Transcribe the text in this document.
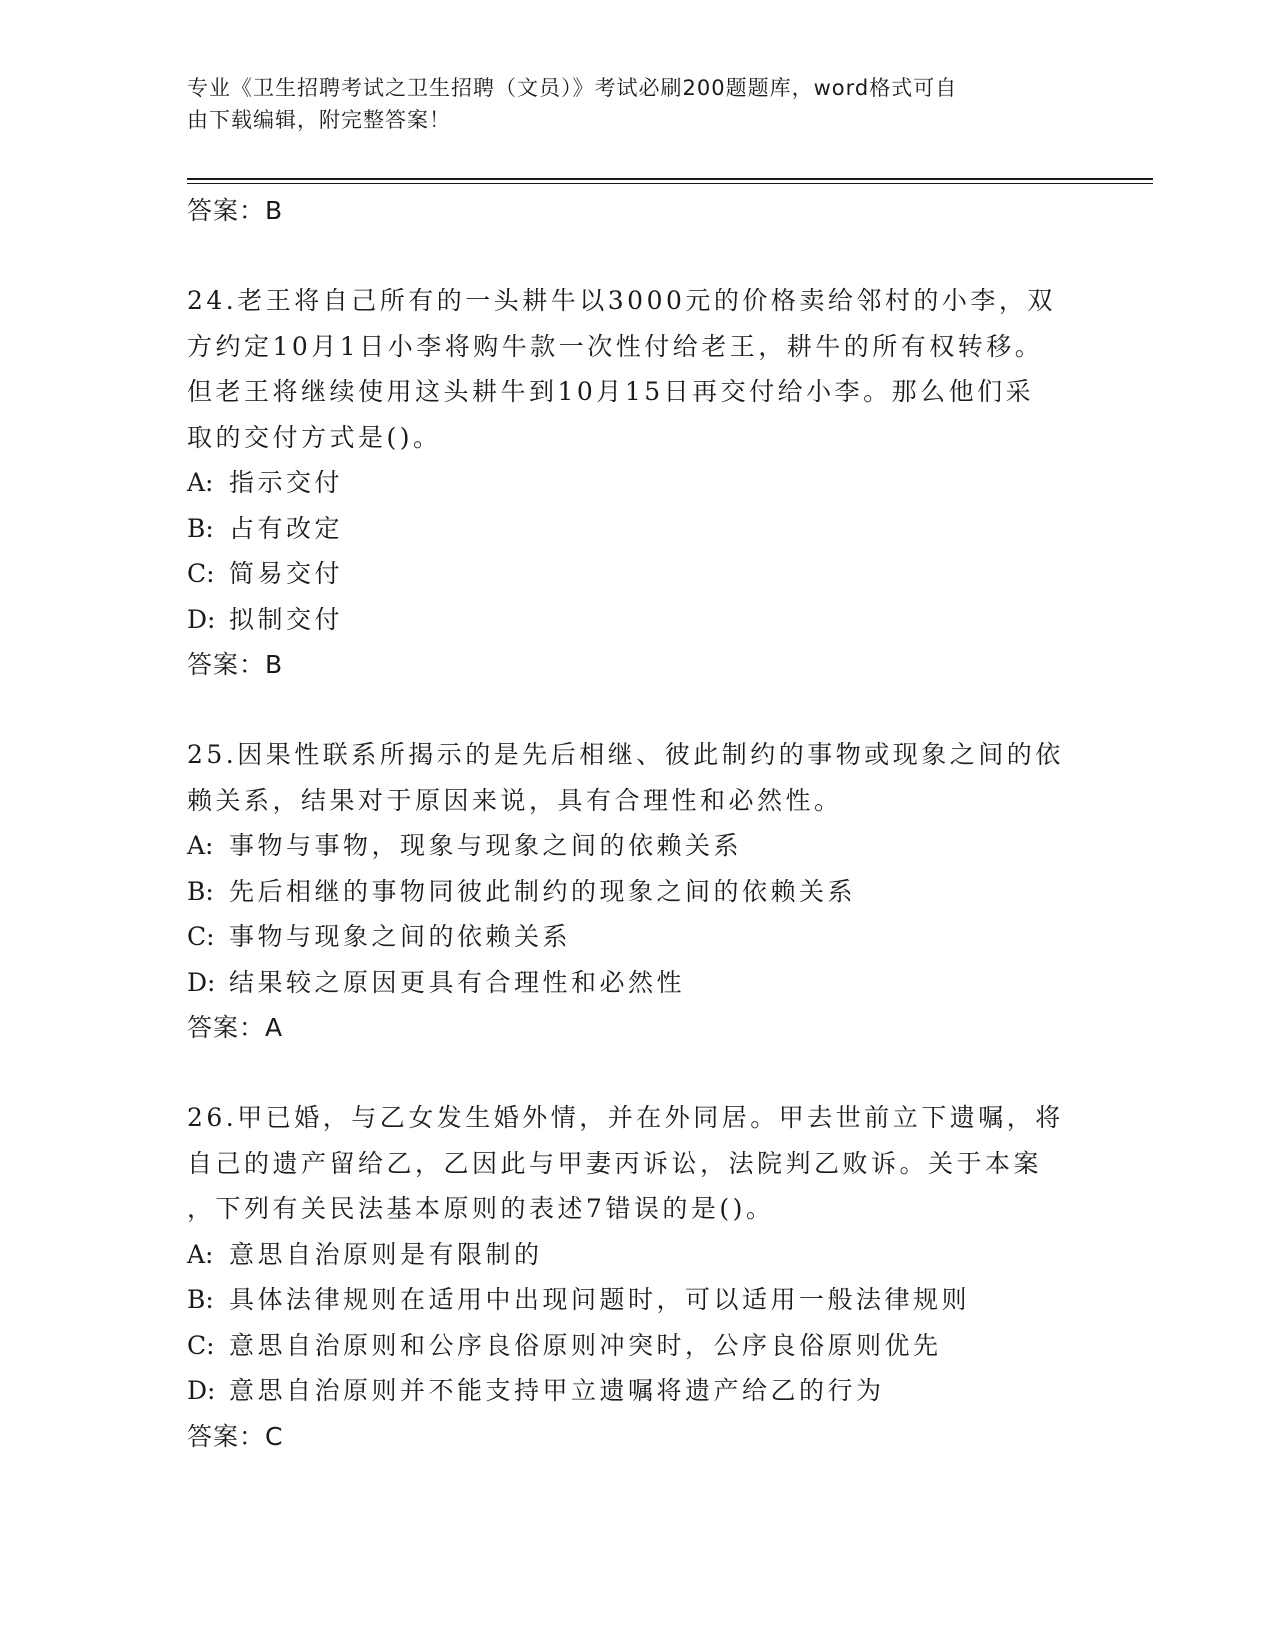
专业《卫生招聘考试之卫生招聘（文员）》考试必刷200题题库，word格式可自
由下载编辑，附完整答案！
答案：B
24.老王将自己所有的一头耕牛以3000元的价格卖给邻村的小李，双
方约定10月1日小李将购牛款一次性付给老王，耕牛的所有权转移。
但老王将继续使用这头耕牛到10月15日再交付给小李。那么他们采
取的交付方式是()。
A: 指示交付
B: 占有改定
C: 简易交付
D: 拟制交付
答案：B
25.因果性联系所揭示的是先后相继、彼此制约的事物或现象之间的依
赖关系，结果对于原因来说，具有合理性和必然性。
A: 事物与事物，现象与现象之间的依赖关系
B: 先后相继的事物同彼此制约的现象之间的依赖关系
C: 事物与现象之间的依赖关系
D: 结果较之原因更具有合理性和必然性
答案：A
26.甲已婚，与乙女发生婚外情，并在外同居。甲去世前立下遗嘱，将
自己的遗产留给乙，乙因此与甲妻丙诉讼，法院判乙败诉。关于本案
，下列有关民法基本原则的表述7错误的是()。
A: 意思自治原则是有限制的
B: 具体法律规则在适用中出现问题时，可以适用一般法律规则
C: 意思自治原则和公序良俗原则冲突时，公序良俗原则优先
D: 意思自治原则并不能支持甲立遗嘱将遗产给乙的行为
答案：C
